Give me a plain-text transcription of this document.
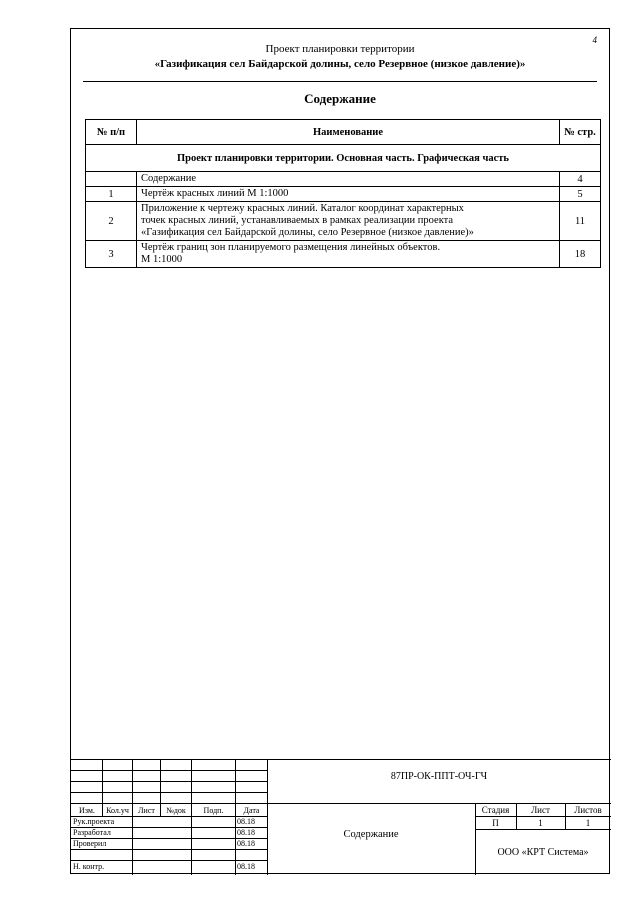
4
Проект планировки территории
«Газификация сел Байдарской долины, село Резервное (низкое давление)»
Содержание
№ п/п	Наименование	№ стр.
Проект планировки территории. Основная часть. Графическая часть		
	Содержание	4
1	Чертёж красных линий М 1:1000	5
2	Приложение к чертежу красных линий. Каталог координат характерных
точек красных линий, устанавливаемых в рамках реализации проекта
«Газификация сел Байдарской долины, село Резервное (низкое давление)»	11
3	Чертёж границ зон планируемого размещения линейных объектов.
М 1:1000	18
Изм.	Кол.уч	Лист	№док	Подп.	Дата
Рук.проекта	08.18
Разработал	08.18
Проверил	08.18
Н. контр.	08.18
87ПР-ОК-ППТ-ОЧ-ГЧ
Содержание
Стадия	Лист	Листов
П	1	1
ООО «КРТ Система»
